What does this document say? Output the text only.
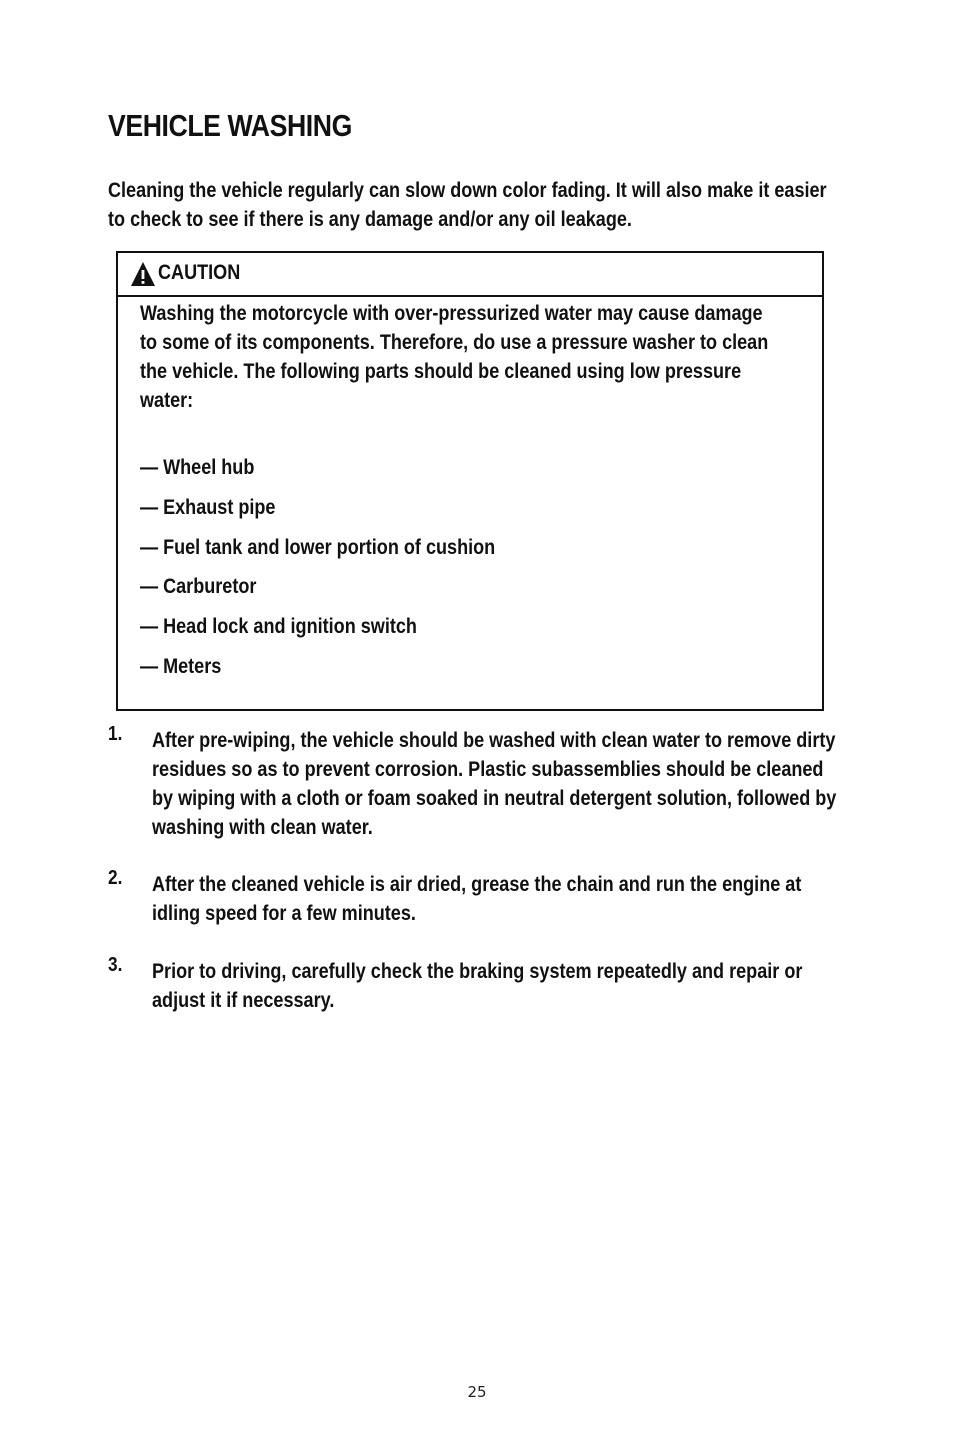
VEHICLE WASHING

Cleaning the vehicle regularly can slow down color fading. It will also make it easier to check to see if there is any damage and/or any oil leakage.

CAUTION

Washing the motorcycle with over-pressurized water may cause damage to some of its components. Therefore, do use a pressure washer to clean the vehicle. The following parts should be cleaned using low pressure water:

— Wheel hub
— Exhaust pipe
— Fuel tank and lower portion of cushion
— Carburetor
— Head lock and ignition switch
— Meters
1. After pre-wiping, the vehicle should be washed with clean water to remove dirty residues so as to prevent corrosion. Plastic subassemblies should be cleaned by wiping with a cloth or foam soaked in neutral detergent solution, followed by washing with clean water.

2. After the cleaned vehicle is air dried, grease the chain and run the engine at idling speed for a few minutes.

3. Prior to driving, carefully check the braking system repeatedly and repair or adjust it if necessary.

25
